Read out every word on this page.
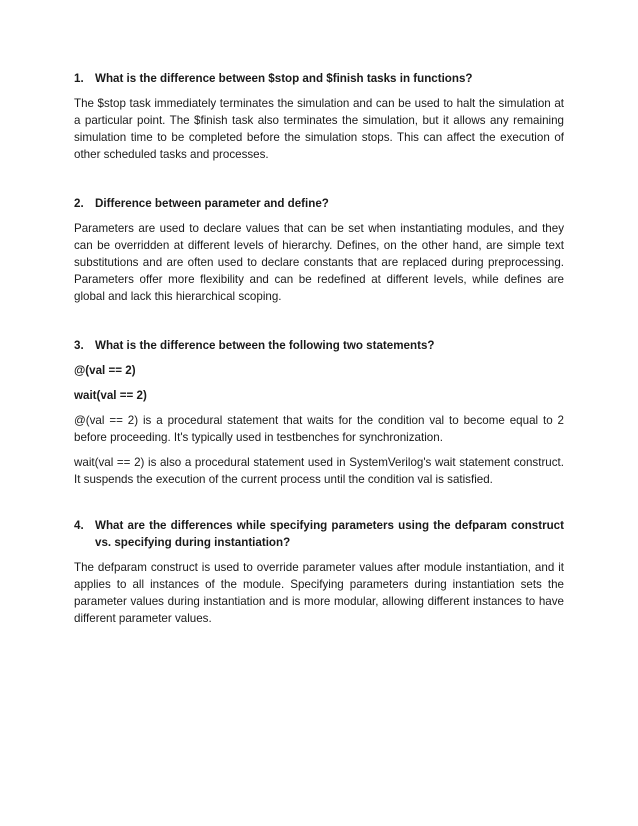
1. What is the difference between $stop and $finish tasks in functions?

The $stop task immediately terminates the simulation and can be used to halt the simulation at a particular point. The $finish task also terminates the simulation, but it allows any remaining simulation time to be completed before the simulation stops. This can affect the execution of other scheduled tasks and processes.

2. Difference between parameter and define?

Parameters are used to declare values that can be set when instantiating modules, and they can be overridden at different levels of hierarchy. Defines, on the other hand, are simple text substitutions and are often used to declare constants that are replaced during preprocessing. Parameters offer more flexibility and can be redefined at different levels, while defines are global and lack this hierarchical scoping.

3. What is the difference between the following two statements?
@(val == 2)
wait(val == 2)

@(val == 2) is a procedural statement that waits for the condition val to become equal to 2 before proceeding. It's typically used in testbenches for synchronization.

wait(val == 2) is also a procedural statement used in SystemVerilog's wait statement construct. It suspends the execution of the current process until the condition val is satisfied.

4. What are the differences while specifying parameters using the defparam construct vs. specifying during instantiation?

The defparam construct is used to override parameter values after module instantiation, and it applies to all instances of the module. Specifying parameters during instantiation sets the parameter values during instantiation and is more modular, allowing different instances to have different parameter values.
